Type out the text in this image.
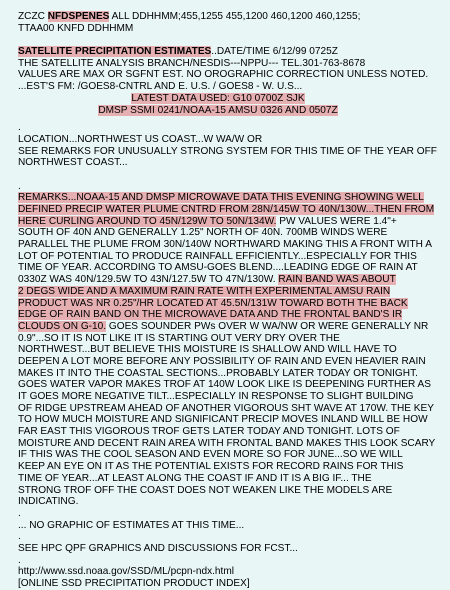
ZCZC NFDSPENES ALL DDHHMM;455,1255 455,1200 460,1200 460,1255;
TTAA00 KNFD DDHHMM
SATELLITE PRECIPITATION ESTIMATES..DATE/TIME 6/12/99 0725Z
THE SATELLITE ANALYSIS BRANCH/NESDIS---NPPU--- TEL.301-763-8678
VALUES ARE MAX OR SGFNT EST. NO OROGRAPHIC CORRECTION UNLESS NOTED.
...EST'S FM: /GOES8-CNTRL AND E. U.S. / GOES8 - W. U.S...
LATEST DATA USED: G10 0700Z SJK
DMSP SSMI 0241/NOAA-15 AMSU 0326 AND 0507Z
.
LOCATION...NORTHWEST US COAST...W WA/W OR
SEE REMARKS FOR UNUSUALLY STRONG SYSTEM FOR THIS TIME OF THE YEAR OFF
NORTHWEST COAST...
.
REMARKS...NOAA-15 AND DMSP MICROWAVE DATA THIS EVENING SHOWING WELL
DEFINED PRECIP WATER PLUME CNTRD FROM 28N/145W TO 40N/130W...THEN FROM
HERE CURLING AROUND TO 45N/129W TO 50N/134W. PW VALUES WERE 1.4"+
SOUTH OF 40N AND GENERALLY 1.25" NORTH OF 40N. 700MB WINDS WERE
PARALLEL THE PLUME FROM 30N/140W NORTHWARD MAKING THIS A FRONT WITH A
LOT OF POTENTIAL TO PRODUCE RAINFALL EFFICIENTLY...ESPECIALLY FOR THIS
TIME OF YEAR. ACCORDING TO AMSU-GOES BLEND....LEADING EDGE OF RAIN AT
0330Z WAS 40N/129.5W TO 43N/127.5W TO 47N/130W. RAIN BAND WAS ABOUT
2 DEGS WIDE AND A MAXIMUM RAIN RATE WITH EXPERIMENTAL AMSU RAIN
PRODUCT WAS NR 0.25"/HR LOCATED AT 45.5N/131W TOWARD BOTH THE BACK
EDGE OF RAIN BAND ON THE MICROWAVE DATA AND THE FRONTAL BAND'S IR
CLOUDS ON G-10. GOES SOUNDER PWs OVER W WA/NW OR WERE GENERALLY NR
0.9"...SO IT IS NOT LIKE IT IS STARTING OUT VERY DRY OVER THE
NORTHWEST...BUT BELIEVE THIS MOISTURE IS SHALLOW AND WILL HAVE TO
DEEPEN A LOT MORE BEFORE ANY POSSIBILITY OF RAIN AND EVEN HEAVIER RAIN
MAKES IT INTO THE COASTAL SECTIONS...PROBABLY LATER TODAY OR TONIGHT.
GOES WATER VAPOR MAKES TROF AT 140W LOOK LIKE IS DEEPENING FURTHER AS
IT GOES MORE NEGATIVE TILT...ESPECIALLY IN RESPONSE TO SLIGHT BUILDING
OF RIDGE UPSTREAM AHEAD OF ANOTHER VIGOROUS SHT WAVE AT 170W. THE KEY
TO HOW MUCH MOISTURE AND SIGNIFICANT PRECIP MOVES INLAND WILL BE HOW
FAR EAST THIS VIGOROUS TROF GETS LATER TODAY AND TONIGHT. LOTS OF
MOISTURE AND DECENT RAIN AREA WITH FRONTAL BAND MAKES THIS LOOK SCARY
IF THIS WAS THE COOL SEASON AND EVEN MORE SO FOR JUNE...SO WE WILL
KEEP AN EYE ON IT AS THE POTENTIAL EXISTS FOR RECORD RAINS FOR THIS
TIME OF YEAR...AT LEAST ALONG THE COAST IF AND IT IS A BIG IF... THE
STRONG TROF OFF THE COAST DOES NOT WEAKEN LIKE THE MODELS ARE
INDICATING.
.
... NO GRAPHIC OF ESTIMATES AT THIS TIME...
.
SEE HPC QPF GRAPHICS AND DISCUSSIONS FOR FCST...
.
http://www.ssd.noaa.gov/SSD/ML/pcpn-ndx.html
[ONLINE SSD PRECIPITATION PRODUCT INDEX]
